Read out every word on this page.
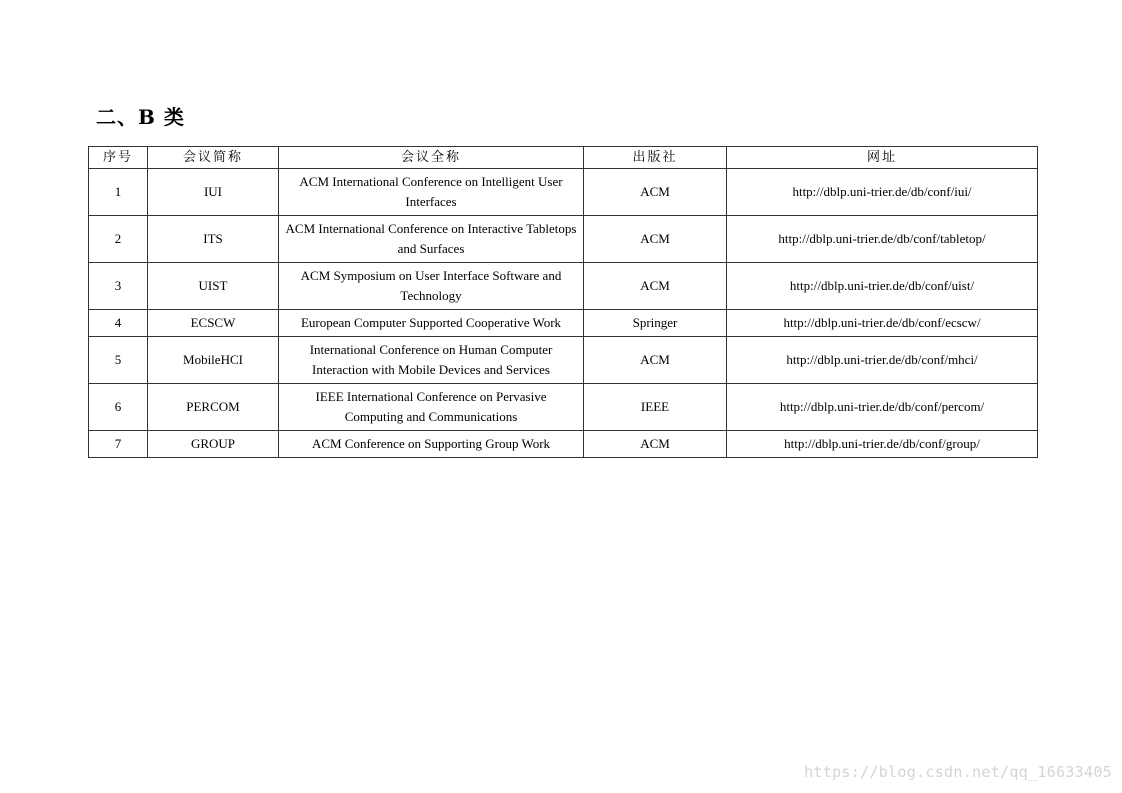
二、B 类
序号	会议简称	会议全称	出版社	网址
1	IUI	ACM International Conference on Intelligent User Interfaces	ACM	http://dblp.uni-trier.de/db/conf/iui/
2	ITS	ACM International Conference on Interactive Tabletops and Surfaces	ACM	http://dblp.uni-trier.de/db/conf/tabletop/
3	UIST	ACM Symposium on User Interface Software and Technology	ACM	http://dblp.uni-trier.de/db/conf/uist/
4	ECSCW	European Computer Supported Cooperative Work	Springer	http://dblp.uni-trier.de/db/conf/ecscw/
5	MobileHCI	International Conference on Human Computer Interaction with Mobile Devices and Services	ACM	http://dblp.uni-trier.de/db/conf/mhci/
6	PERCOM	IEEE International Conference on Pervasive Computing and Communications	IEEE	http://dblp.uni-trier.de/db/conf/percom/
7	GROUP	ACM Conference on Supporting Group Work	ACM	http://dblp.uni-trier.de/db/conf/group/
https://blog.csdn.net/qq_16633405
